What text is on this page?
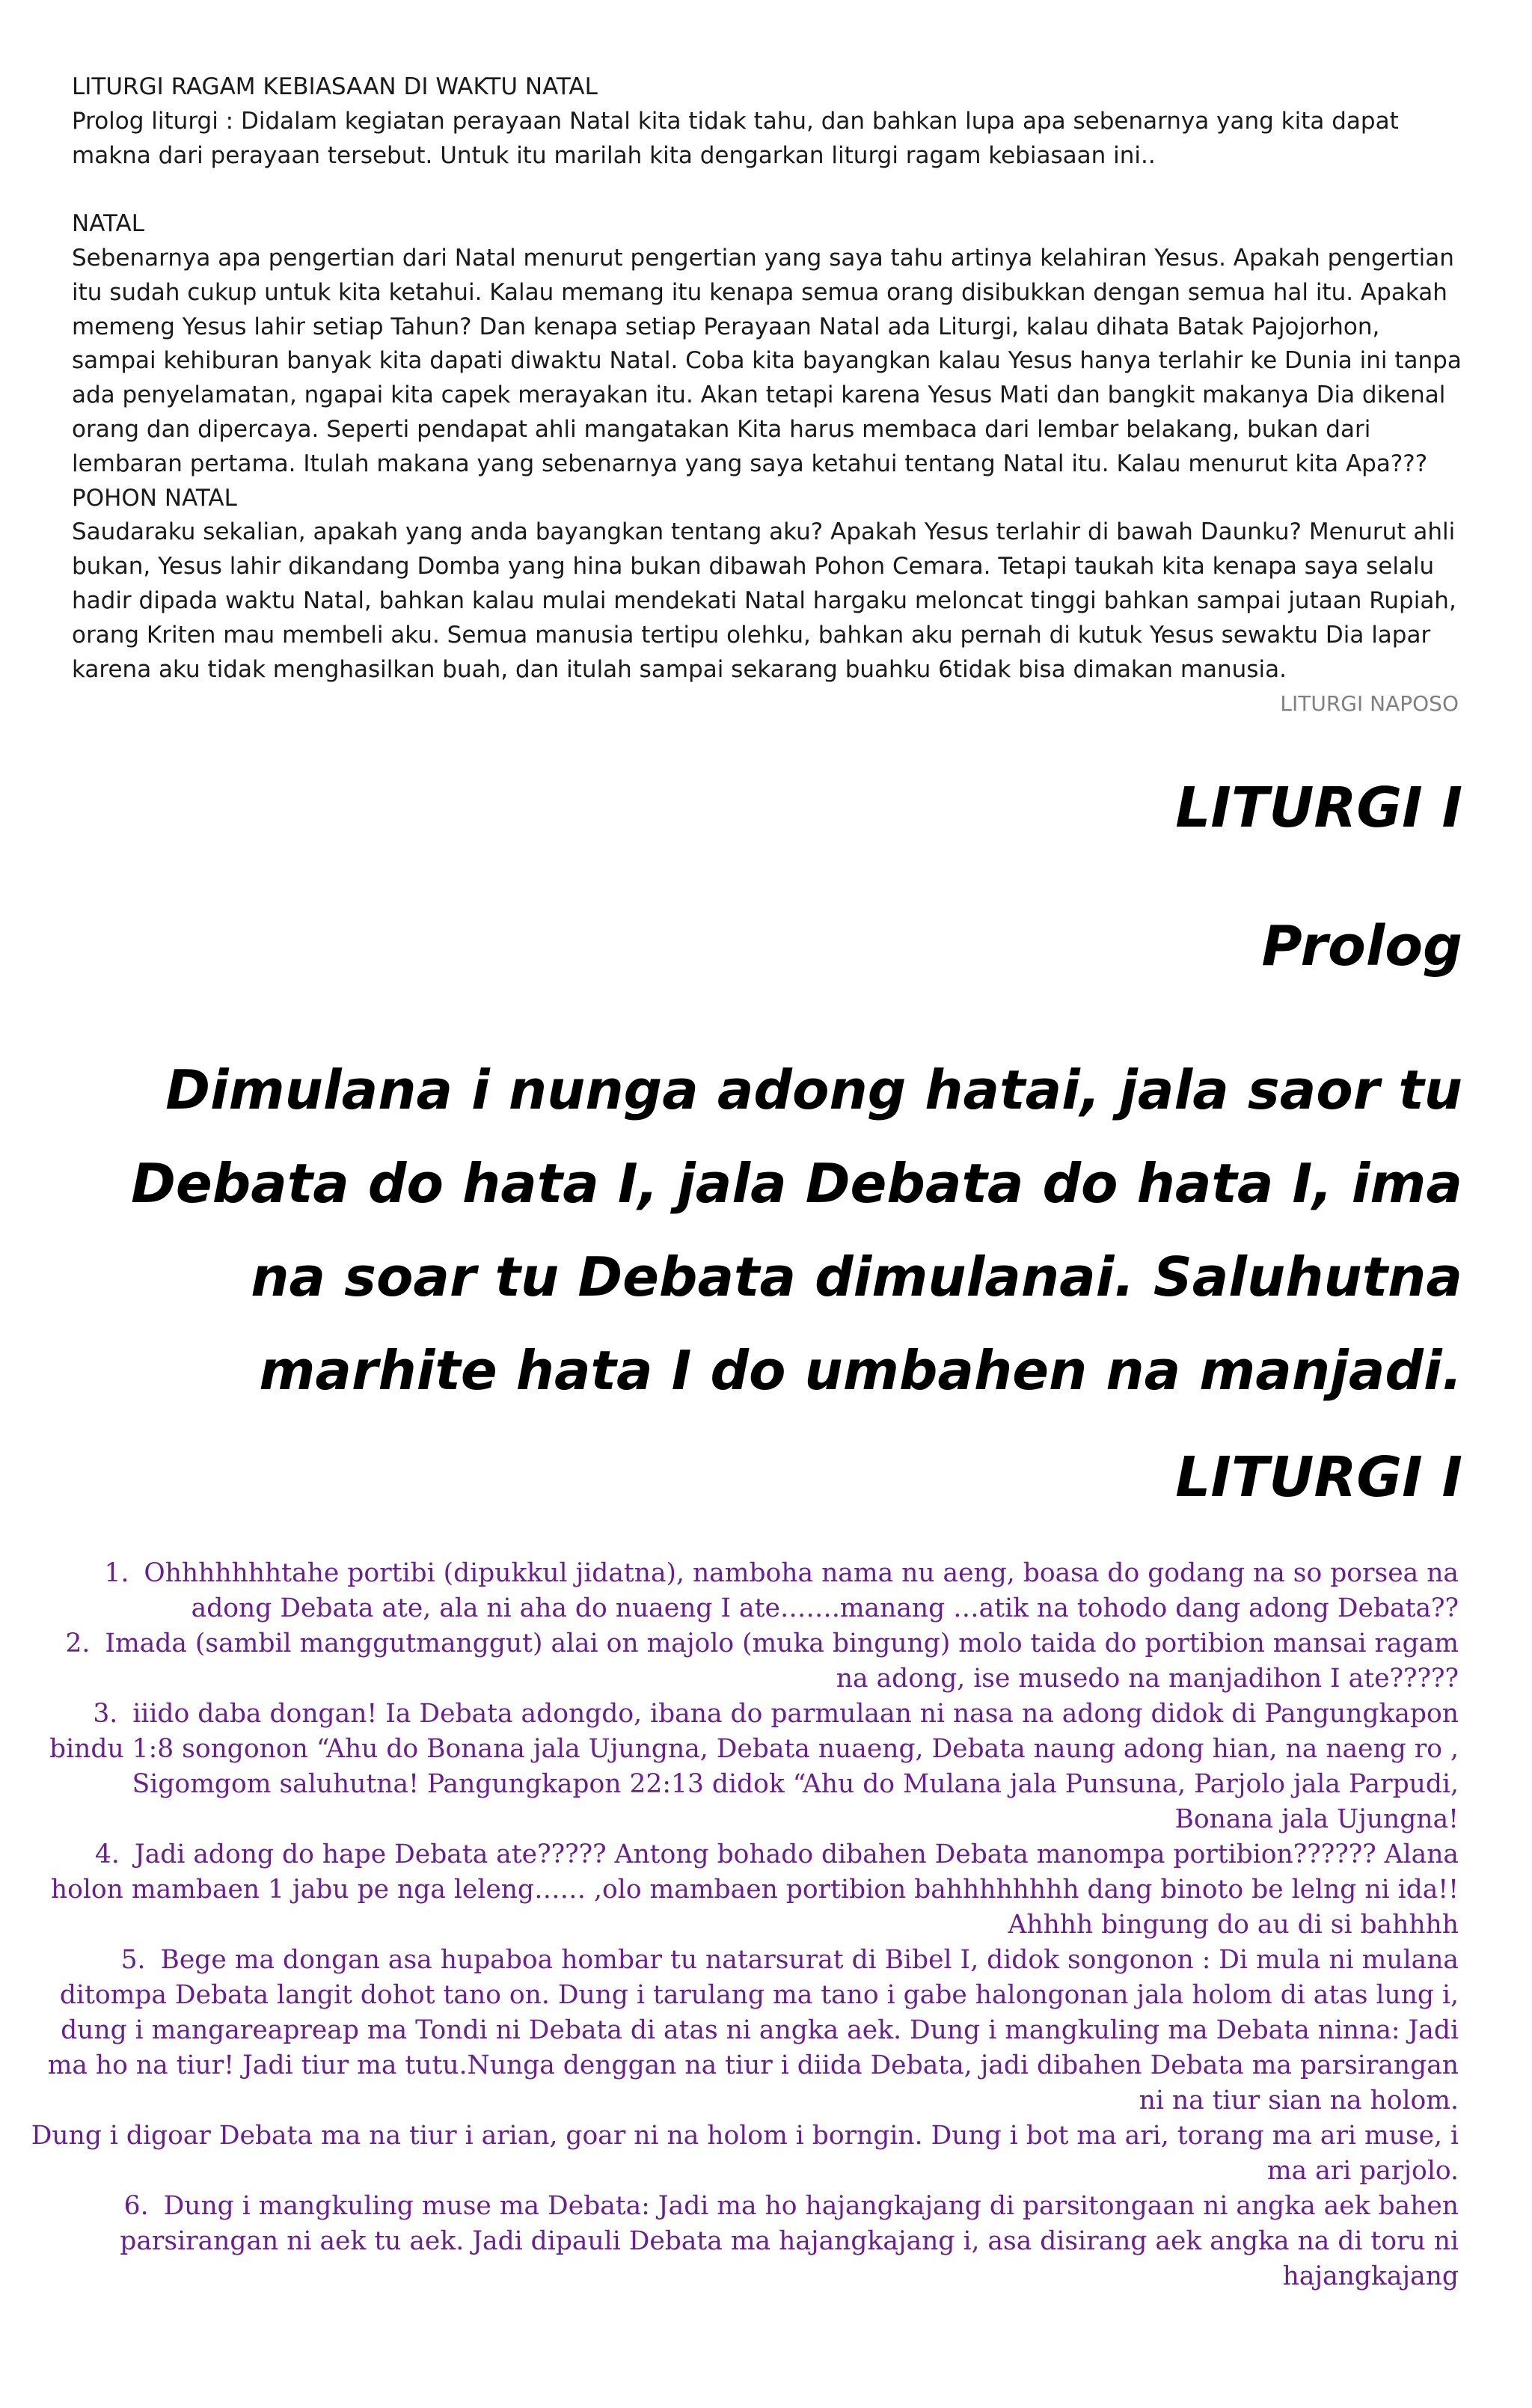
LITURGI RAGAM KEBIASAAN DI WAKTU NATAL

Prolog liturgi : Didalam kegiatan perayaan Natal kita tidak tahu, dan bahkan lupa apa sebenarnya yang kita dapat makna dari perayaan tersebut. Untuk itu marilah kita dengarkan liturgi ragam kebiasaan ini..

NATAL

Sebenarnya apa pengertian dari Natal menurut pengertian yang saya tahu artinya kelahiran Yesus. Apakah pengertian itu sudah cukup untuk kita ketahui. Kalau memang itu kenapa semua orang disibukkan dengan semua hal itu. Apakah memeng Yesus lahir setiap Tahun? Dan kenapa setiap Perayaan Natal ada Liturgi, kalau dihata Batak Pajojorhon, sampai kehiburan banyak kita dapati diwaktu Natal. Coba kita bayangkan kalau Yesus hanya terlahir ke Dunia ini tanpa ada penyelamatan, ngapai kita capek merayakan itu. Akan tetapi karena Yesus Mati dan bangkit makanya Dia dikenal orang dan dipercaya. Seperti pendapat ahli mangatakan Kita harus membaca dari lembar belakang, bukan dari lembaran pertama. Itulah makana yang sebenarnya yang saya ketahui tentang Natal itu. Kalau menurut kita Apa???

POHON NATAL

Saudaraku sekalian, apakah yang anda bayangkan tentang aku? Apakah Yesus terlahir di bawah Daunku? Menurut ahli bukan, Yesus lahir dikandang Domba yang hina bukan dibawah Pohon Cemara. Tetapi taukah kita kenapa saya selalu hadir dipada waktu Natal, bahkan kalau mulai mendekati Natal hargaku meloncat tinggi bahkan sampai jutaan Rupiah, orang Kriten mau membeli aku. Semua manusia tertipu olehku, bahkan aku pernah di kutuk Yesus sewaktu Dia lapar karena aku tidak menghasilkan buah, dan itulah sampai sekarang buahku 6tidak bisa dimakan manusia.

LITURGI NAPOSO

LITURGI I

Prolog

Dimulana i nunga adong hatai, jala saor tu Debata do hata I, jala Debata do hata I, ima na soar tu Debata dimulanai. Saluhutna marhite hata I do umbahen na manjadi.

LITURGI I

1. Ohhhhhhhtahe portibi (dipukkul jidatna), namboha nama nu aeng, boasa do godang na so porsea na adong Debata ate, ala ni aha do nuaeng I ate…….manang …atik na tohodo dang adong Debata??

2. Imada (sambil manggutmanggut) alai on majolo (muka bingung) molo taida do portibion mansai ragam na adong, ise musedo na manjadihon I ate?????

3. iiido daba dongan! Ia Debata adongdo, ibana do parmulaan ni nasa na adong didok di Pangungkapon bindu 1:8 songonon “Ahu do Bonana jala Ujungna, Debata nuaeng, Debata naung adong hian, na naeng ro , Sigomgom saluhutna! Pangungkapon 22:13 didok “Ahu do Mulana jala Punsuna, Parjolo jala Parpudi, Bonana jala Ujungna!

4. Jadi adong do hape Debata ate????? Antong bohado dibahen Debata manompa portibion?????? Alana holon mambaen 1 jabu pe nga leleng…… ,olo mambaen portibion bahhhhhhhh dang binoto be lelng ni ida!! Ahhhh bingung do au di si bahhhh

5. Bege ma dongan asa hupaboa hombar tu natarsurat di Bibel I, didok songonon : Di mula ni mulana ditompa Debata langit dohot tano on. Dung i tarulang ma tano i gabe halongonan jala holom di atas lung i, dung i mangareapreap ma Tondi ni Debata di atas ni angka aek. Dung i mangkuling ma Debata ninna: Jadi ma ho na tiur! Jadi tiur ma tutu.Nunga denggan na tiur i diida Debata, jadi dibahen Debata ma parsirangan ni na tiur sian na holom.

Dung i digoar Debata ma na tiur i arian, goar ni na holom i borngin. Dung i bot ma ari, torang ma ari muse, i ma ari parjolo.

6. Dung i mangkuling muse ma Debata: Jadi ma ho hajangkajang di parsitongaan ni angka aek bahen parsirangan ni aek tu aek. Jadi dipauli Debata ma hajangkajang i, asa disirang aek angka na di toru ni hajangkajang
